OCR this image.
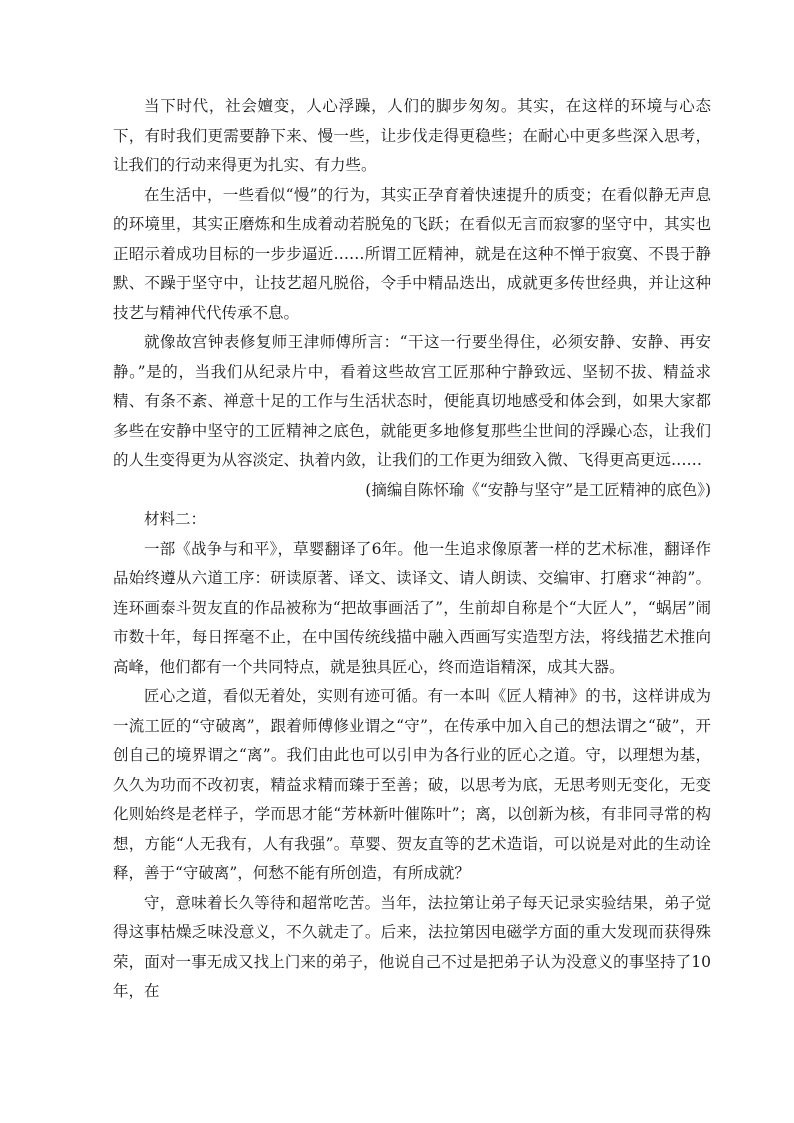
当下时代，社会嬗变，人心浮躁，人们的脚步匆匆。其实，在这样的环境与心态下，有时我们更需要静下来、慢一些，让步伐走得更稳些；在耐心中更多些深入思考，让我们的行动来得更为扎实、有力些。

在生活中，一些看似“慢”的行为，其实正孕育着快速提升的质变；在看似静无声息的环境里，其实正磨炼和生成着动若脱兔的飞跃；在看似无言而寂寥的坚守中，其实也正昭示着成功目标的一步步逼近……所谓工匠精神，就是在这种不惮于寂寞、不畏于静默、不躁于坚守中，让技艺超凡脱俗，令手中精品迭出，成就更多传世经典，并让这种技艺与精神代代传承不息。

就像故宫钟表修复师王津师傅所言：“干这一行要坐得住，必须安静、安静、再安静。”是的，当我们从纪录片中，看着这些故宫工匠那种宁静致远、坚韧不拔、精益求精、有条不紊、禅意十足的工作与生活状态时，便能真切地感受和体会到，如果大家都多些在安静中坚守的工匠精神之底色，就能更多地修复那些尘世间的浮躁心态，让我们的人生变得更为从容淡定、执着内敛，让我们的工作更为细致入微、飞得更高更远……

(摘编自陈怀瑜《“安静与坚守”是工匠精神的底色》)

材料二：

一部《战争与和平》，草婴翻译了6年。他一生追求像原著一样的艺术标准，翻译作品始终遵从六道工序：研读原著、译文、读译文、请人朗读、交编审、打磨求“神韵”。连环画泰斗贺友直的作品被称为“把故事画活了”，生前却自称是个“大匠人”，“蜗居”闹市数十年，每日挥毫不止，在中国传统线描中融入西画写实造型方法，将线描艺术推向高峰，他们都有一个共同特点，就是独具匠心，终而造诣精深，成其大器。

匠心之道，看似无着处，实则有迹可循。有一本叫《匠人精神》的书，这样讲成为一流工匠的“守破离”，跟着师傅修业谓之“守”，在传承中加入自己的想法谓之“破”，开创自己的境界谓之“离”。我们由此也可以引申为各行业的匠心之道。守，以理想为基，久久为功而不改初衷，精益求精而臻于至善；破，以思考为底，无思考则无变化，无变化则始终是老样子，学而思才能“芳林新叶催陈叶”；离，以创新为核，有非同寻常的构想，方能“人无我有，人有我强”。草婴、贺友直等的艺术造诣，可以说是对此的生动诠释，善于“守破离”，何愁不能有所创造，有所成就？

守，意味着长久等待和超常吃苦。当年，法拉第让弟子每天记录实验结果，弟子觉得这事枯燥乏味没意义，不久就走了。后来，法拉第因电磁学方面的重大发现而获得殊荣，面对一事无成又找上门来的弟子，他说自己不过是把弟子认为没意义的事坚持了10年，在
